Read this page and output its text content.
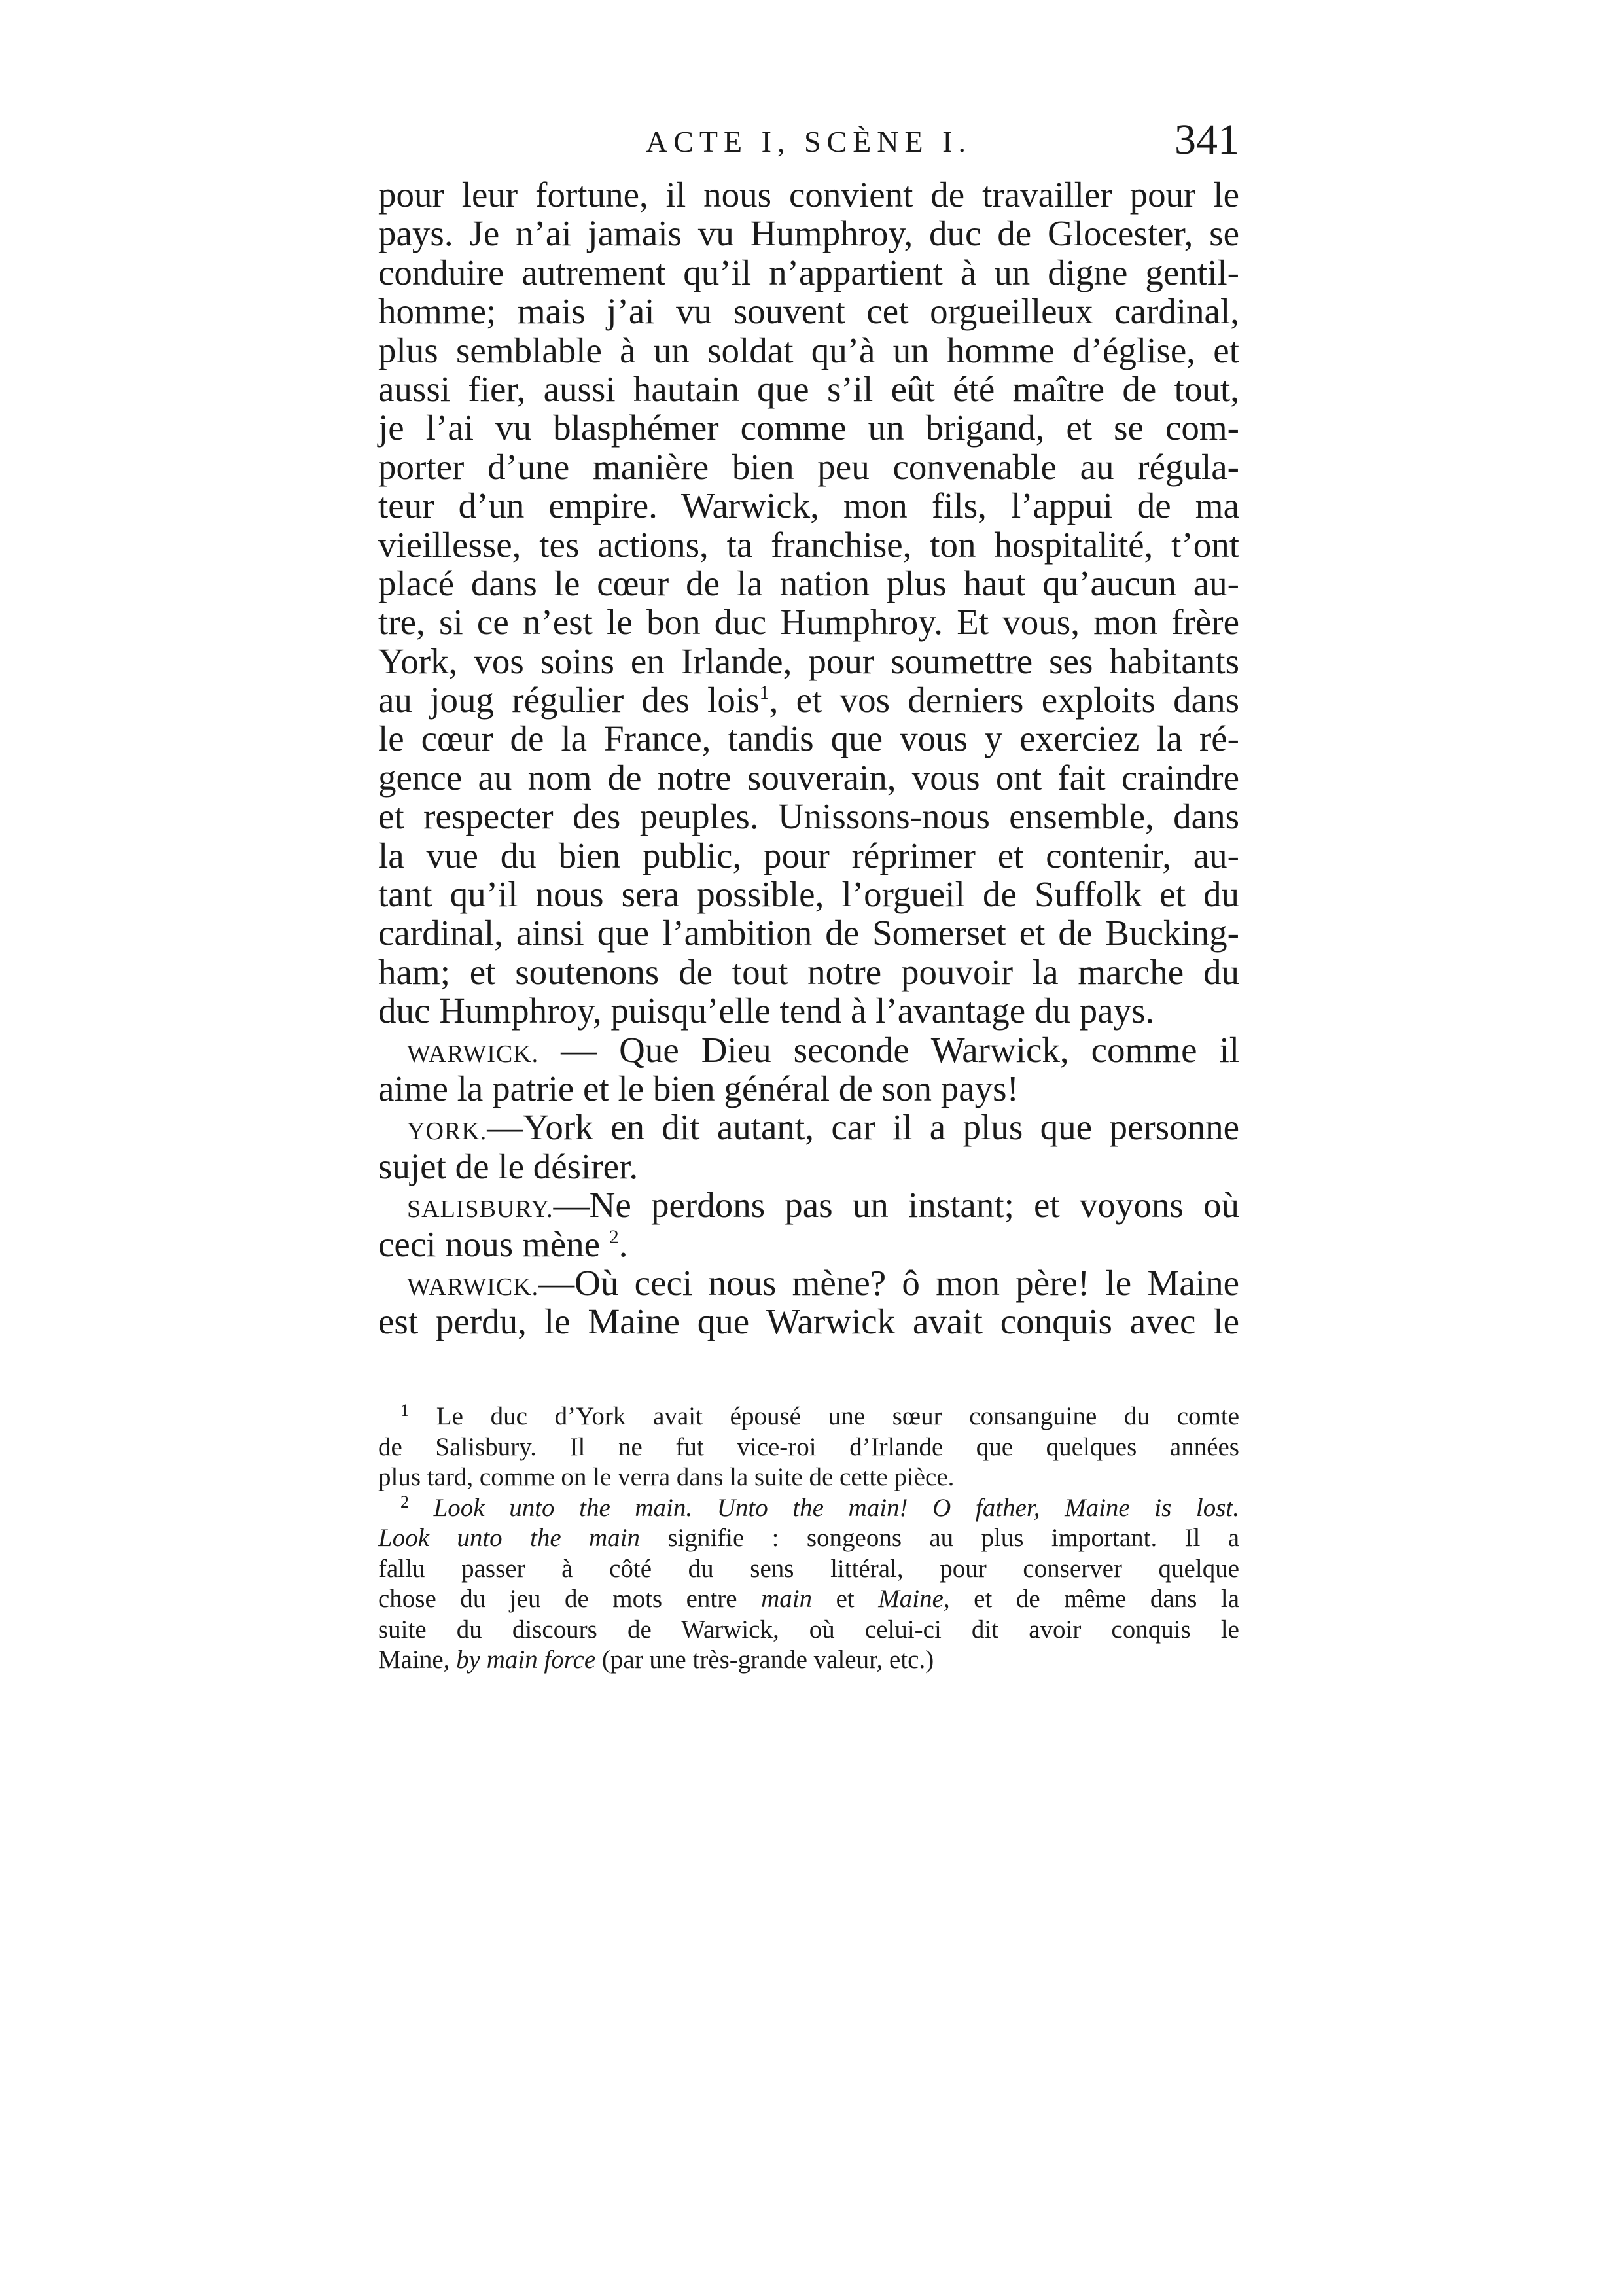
ACTE I, SCÈNE I.	341
pour leur fortune, il nous convient de travailler pour le
pays. Je n’ai jamais vu Humphroy, duc de Glocester, se
conduire autrement qu’il n’appartient à un digne gentil-
homme; mais j’ai vu souvent cet orgueilleux cardinal,
plus semblable à un soldat qu’à un homme d’église, et
aussi fier, aussi hautain que s’il eût été maître de tout,
je l’ai vu blasphémer comme un brigand, et se com-
porter d’une manière bien peu convenable au régula-
teur d’un empire. Warwick, mon fils, l’appui de ma
vieillesse, tes actions, ta franchise, ton hospitalité, t’ont
placé dans le cœur de la nation plus haut qu’aucun au-
tre, si ce n’est le bon duc Humphroy. Et vous, mon frère
York, vos soins en Irlande, pour soumettre ses habitants
au joug régulier des lois$^1$, et vos derniers exploits dans
le cœur de la France, tandis que vous y exerciez la ré-
gence au nom de notre souverain, vous ont fait craindre
et respecter des peuples. Unissons-nous ensemble, dans
la vue du bien public, pour réprimer et contenir, au-
tant qu’il nous sera possible, l’orgueil de Suffolk et du
cardinal, ainsi que l’ambition de Somerset et de Bucking-
ham; et soutenons de tout notre pouvoir la marche du
duc Humphroy, puisqu’elle tend à l’avantage du pays.
WARWICK. — Que Dieu seconde Warwick, comme il
aime la patrie et le bien général de son pays!
YORK.—York en dit autant, car il a plus que personne
sujet de le désirer.
SALISBURY.—Ne perdons pas un instant; et voyons où
ceci nous mène $^2$.
WARWICK.—Où ceci nous mène? ô mon père! le Maine
est perdu, le Maine que Warwick avait conquis avec le
$^1$ Le duc d’York avait épousé une sœur consanguine du comte
de Salisbury. Il ne fut vice-roi d’Irlande que quelques années
plus tard, comme on le verra dans la suite de cette pièce.
$^2$ Look unto the main. Unto the main! O father, Maine is lost.
Look unto the main signifie : songeons au plus important. Il a
fallu passer à côté du sens littéral, pour conserver quelque
chose du jeu de mots entre main et Maine, et de même dans la
suite du discours de Warwick, où celui-ci dit avoir conquis le
Maine, by main force (par une très-grande valeur, etc.)
